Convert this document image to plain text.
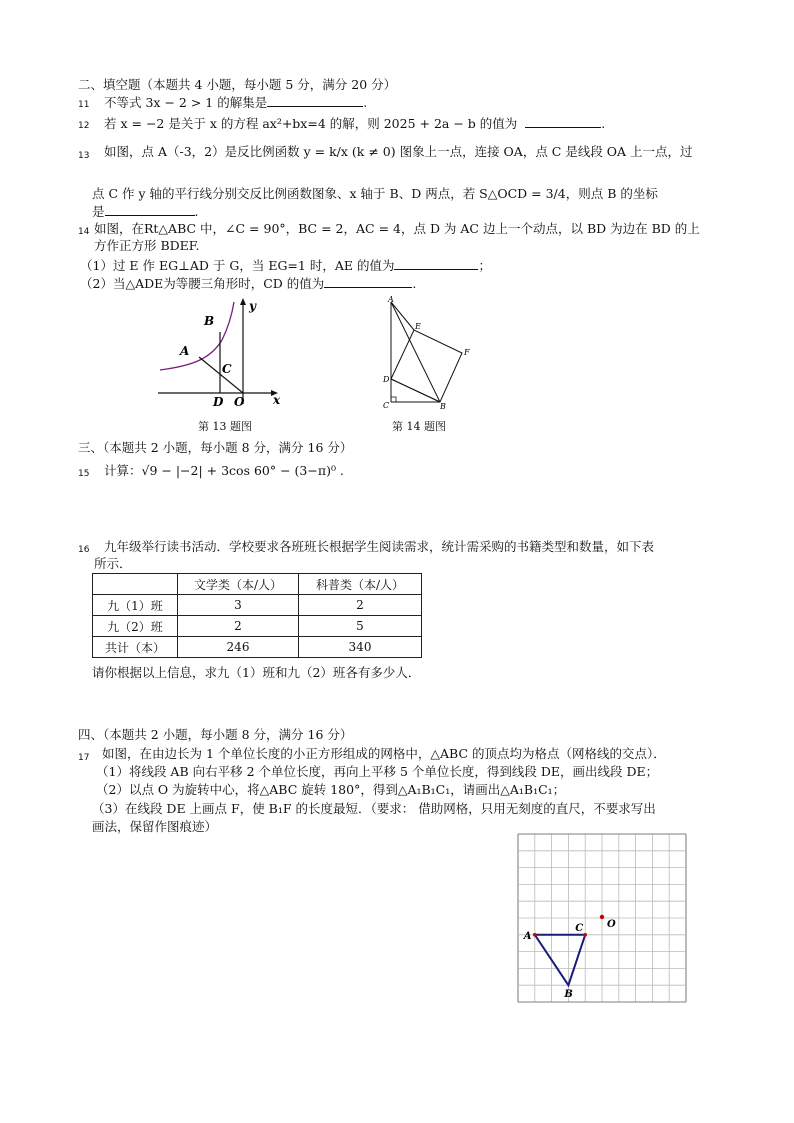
二、填空题（本题共 4 小题，每小题 5 分，满分 20 分）
11 不等式 3x − 2 > 1 的解集是	.
12 若 x = −2 是关于 x 的方程 ax²+bx=4 的解，则 2025 + 2a − b 的值为	.
13 如图，点 A（-3，2）是反比例函数 y = k/x (k ≠ 0) 图象上一点，连接 OA，点 C 是线段 OA 上一点，过
点 C 作 y 轴的平行线分别交反比例函数图象、x 轴于 B、D 两点，若 S△OCD = 3/4，则点 B 的坐标
是	.
14 如图，在Rt△ABC 中，∠C = 90°，BC = 2，AC = 4，点 D 为 AC 边上一个动点，以 BD 为边在 BD 的上
方作正方形 BDEF.
（1）过 E 作 EG⊥AD 于 G，当 EG=1 时，AE 的值为	；
（2）当△ADE为等腰三角形时，CD 的值为	.
B
A
C
D O x
y
第 13 题图
A
E
F
D
C	B
第 14 题图
三、（本题共 2 小题，每小题 8 分，满分 16 分）
15 计算：√9 − |−2| + 3cos 60° − (3−π)⁰ .
16 九年级举行读书活动．学校要求各班班长根据学生阅读需求，统计需采购的书籍类型和数量，如下表
所示．
	文学类（本/人）	科普类（本/人）
九（1）班	3	2
九（2）班	2	5
共计（本）	246	340
请你根据以上信息，求九（1）班和九（2）班各有多少人．
四、（本题共 2 小题，每小题 8 分，满分 16 分）
17 如图，在由边长为 1 个单位长度的小正方形组成的网格中，△ABC 的顶点均为格点（网格线的交点）．
（1）将线段 AB 向右平移 2 个单位长度，再向上平移 5 个单位长度，得到线段 DE，画出线段 DE；
（2）以点 O 为旋转中心，将△ABC 旋转 180°，得到△A₁B₁C₁，请画出△A₁B₁C₁；
（3）在线段 DE 上画点 F，使 B₁F 的长度最短．（要求： 借助网格，只用无刻度的直尺，不要求写出
画法，保留作图痕迹）
A
C O
B
